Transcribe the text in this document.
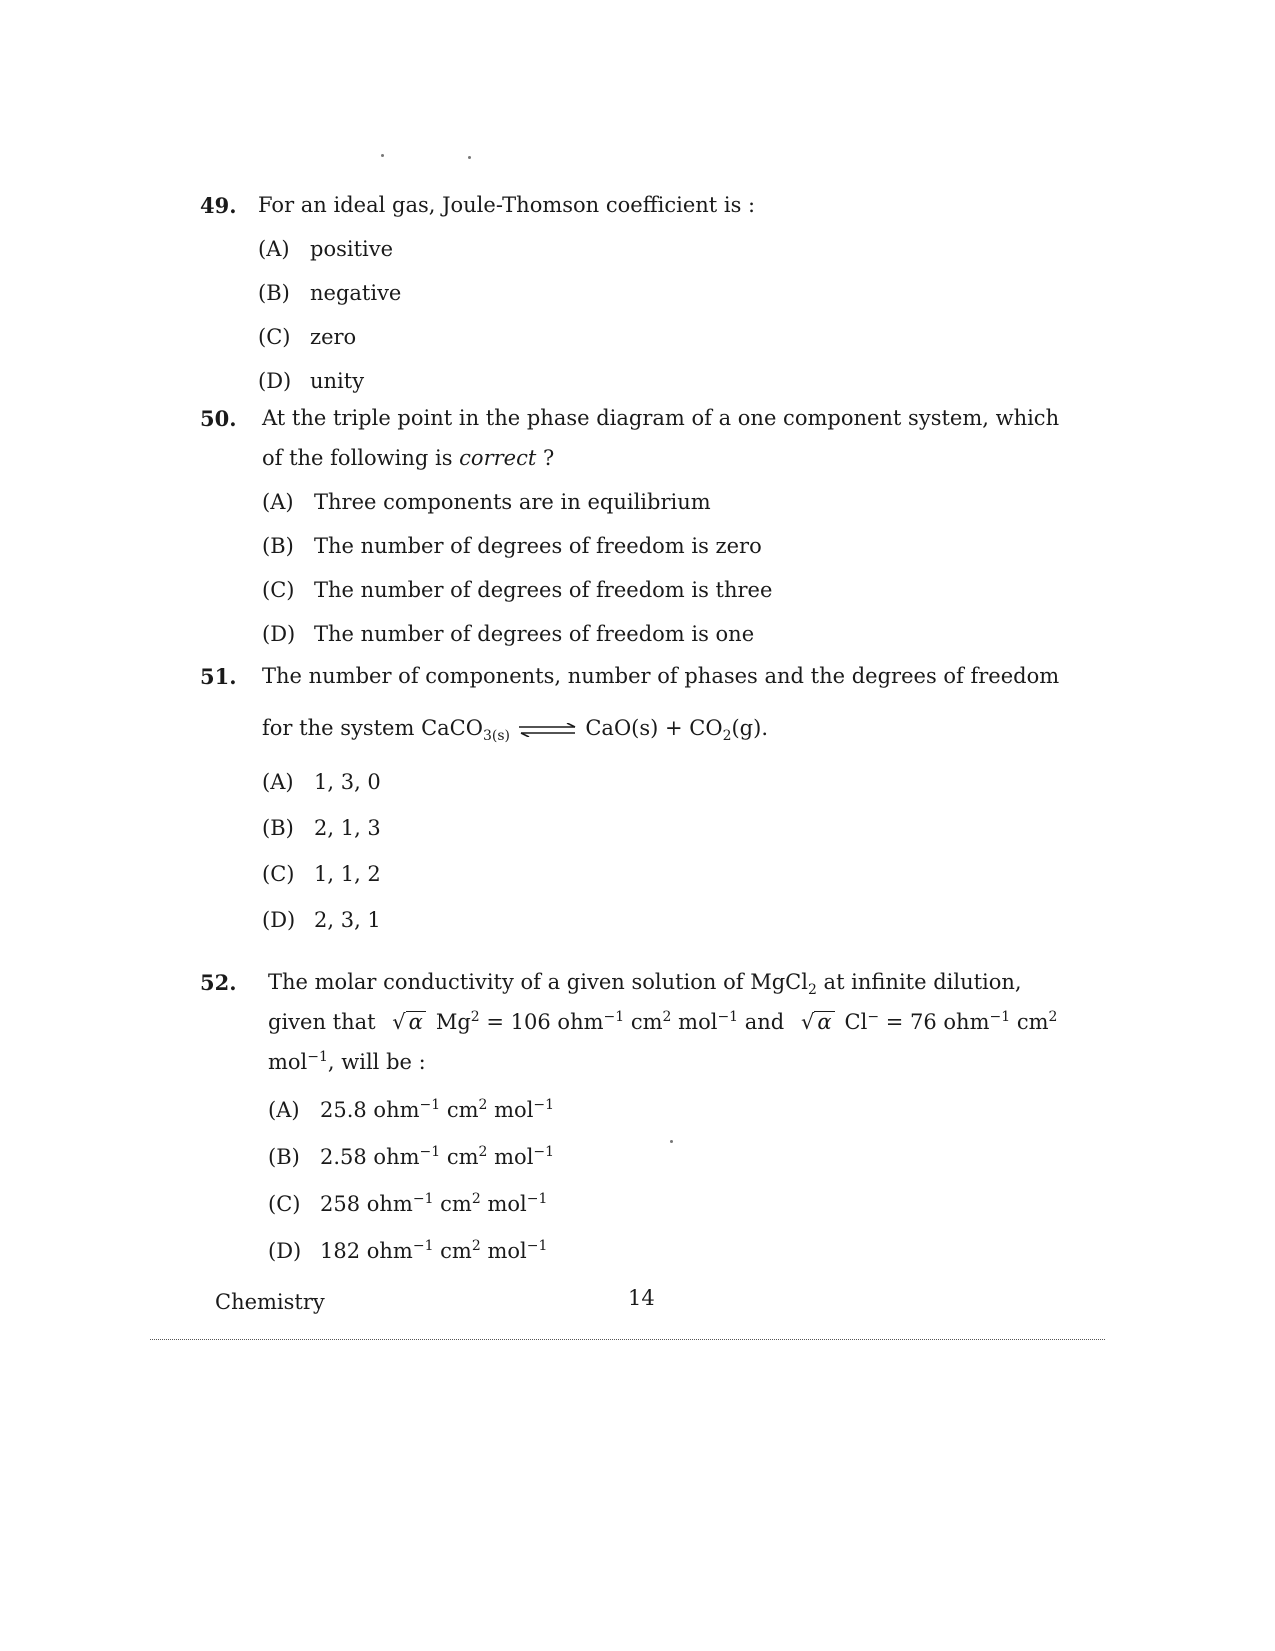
49.	For an ideal gas, Joule-Thomson coefficient is :
(A) positive
(B) negative
(C) zero
(D) unity
50.	At the triple point in the phase diagram of a one component system, which of the following is correct ?
(A) Three components are in equilibrium
(B) The number of degrees of freedom is zero
(C) The number of degrees of freedom is three
(D) The number of degrees of freedom is one
51.	The number of components, number of phases and the degrees of freedom
for the system CaCO$_{3(s)}$ ⇌ $CaO(s) + CO_2(g)$.
(A) 1, 3, 0
(B) 2, 1, 3
(C) 1, 1, 2
(D) 2, 3, 1
52.	The molar conductivity of a given solution of MgCl$_2$ at infinite dilution, given that √ α $Mg^2 = 106$ ohm$^{-1}$ $cm^2$ mol$^{-1}$ and √ α Cl− = 76 ohm$^{-1}$ $cm^2$ mol$^{-1}$, will be :
(A) 25.8 ohm$^{-1}$ $cm^2$ mol$^{-1}$
(B) 2.58 ohm$^{-1}$ $cm^2$ mol$^{-1}$
(C) 258 ohm$^{-1}$ $cm^2$ mol$^{-1}$
(D) 182 ohm$^{-1}$ $cm^2$ mol$^{-1}$
Chemistry	14
